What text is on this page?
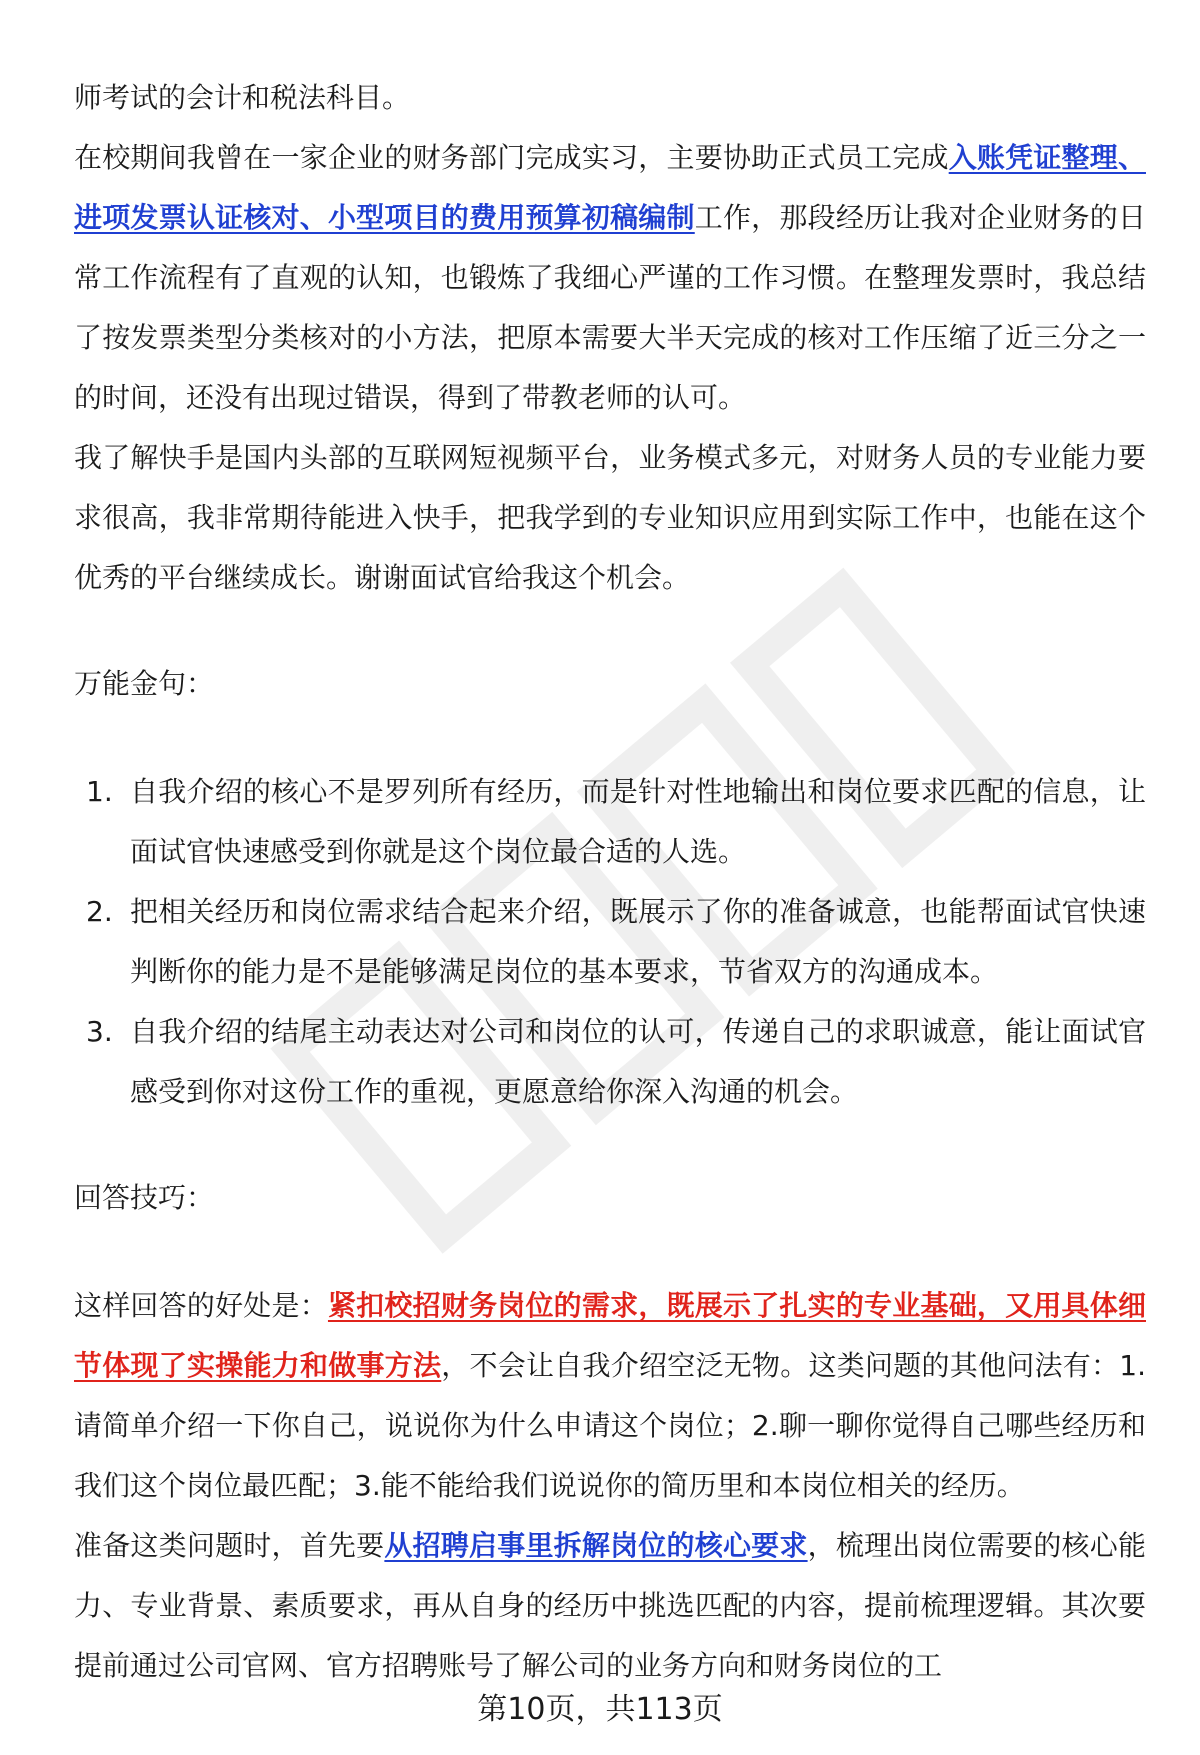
师考试的会计和税法科目。

在校期间我曾在一家企业的财务部门完成实习，主要协助正式员工完成入账凭证整理、进项发票认证核对、小型项目的费用预算初稿编制工作，那段经历让我对企业财务的日常工作流程有了直观的认知，也锻炼了我细心严谨的工作习惯。在整理发票时，我总结了按发票类型分类核对的小方法，把原本需要大半天完成的核对工作压缩了近三分之一的时间，还没有出现过错误，得到了带教老师的认可。

我了解快手是国内头部的互联网短视频平台，业务模式多元，对财务人员的专业能力要求很高，我非常期待能进入快手，把我学到的专业知识应用到实际工作中，也能在这个优秀的平台继续成长。谢谢面试官给我这个机会。

万能金句：

1. 自我介绍的核心不是罗列所有经历，而是针对性地输出和岗位要求匹配的信息，让面试官快速感受到你就是这个岗位最合适的人选。
2. 把相关经历和岗位需求结合起来介绍，既展示了你的准备诚意，也能帮面试官快速判断你的能力是不是能够满足岗位的基本要求，节省双方的沟通成本。
3. 自我介绍的结尾主动表达对公司和岗位的认可，传递自己的求职诚意，能让面试官感受到你对这份工作的重视，更愿意给你深入沟通的机会。

回答技巧：

这样回答的好处是：紧扣校招财务岗位的需求，既展示了扎实的专业基础，又用具体细节体现了实操能力和做事方法，不会让自我介绍空泛无物。这类问题的其他问法有：1.请简单介绍一下你自己，说说你为什么申请这个岗位；2.聊一聊你觉得自己哪些经历和我们这个岗位最匹配；3.能不能给我们说说你的简历里和本岗位相关的经历。

准备这类问题时，首先要从招聘启事里拆解岗位的核心要求，梳理出岗位需要的核心能力、专业背景、素质要求，再从自身的经历中挑选匹配的内容，提前梳理逻辑。其次要提前通过公司官网、官方招聘账号了解公司的业务方向和财务岗位的工

第10页，共113页
